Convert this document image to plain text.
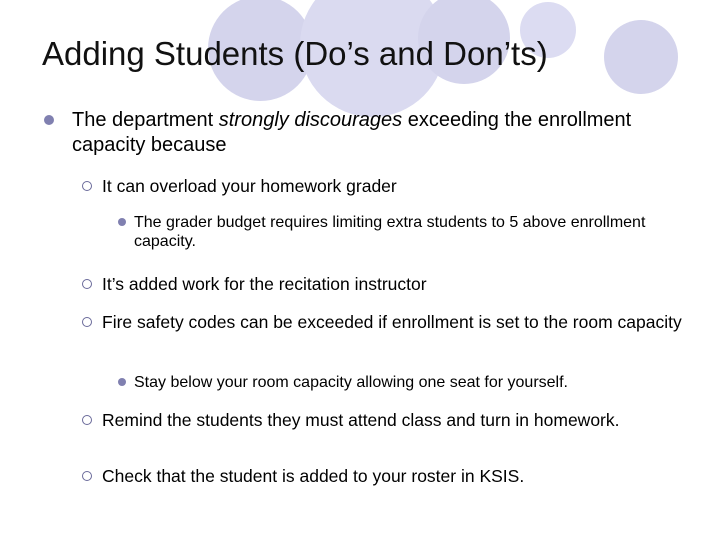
Adding Students (Do’s and Don’ts)
The department strongly discourages exceeding the enrollment capacity because
It can overload your homework grader
The grader budget requires limiting extra students to 5 above enrollment capacity.
It’s added work for the recitation instructor
Fire safety codes can be exceeded if enrollment is set to the room capacity
Stay below your room capacity allowing one seat for yourself.
Remind the students they must attend class and turn in homework.
Check that the student is added to your roster in KSIS.
